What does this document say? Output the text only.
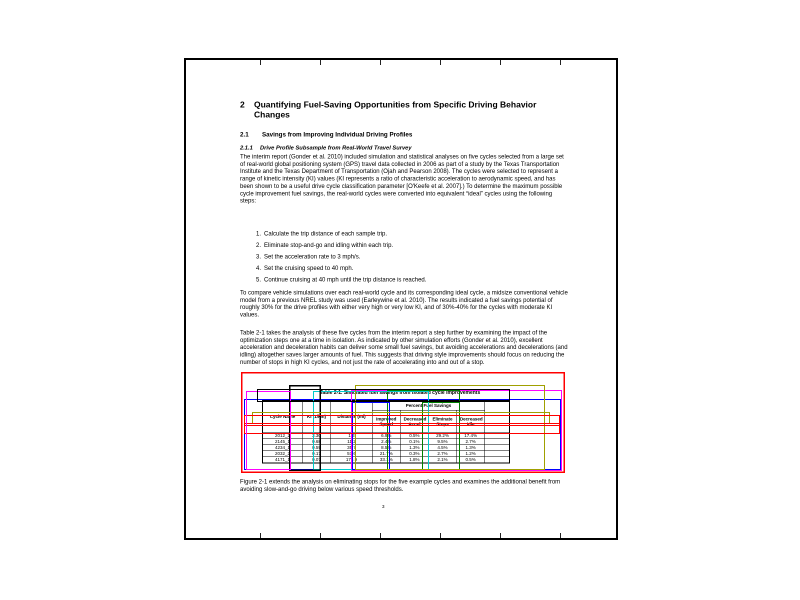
2 Quantifying Fuel-Saving Opportunities from Specific Driving Behavior Changes
2.1 Savings from Improving Individual Driving Profiles
2.1.1 Drive Profile Subsample from Real-World Travel Survey
The interim report (Gonder et al. 2010) included simulation and statistical analyses on five cycles selected from a large set of real-world global positioning system (GPS) travel data collected in 2006 as part of a study by the Texas Transportation Institute and the Texas Department of Transportation (Ojah and Pearson 2008). The cycles were selected to represent a range of kinetic intensity (KI) values (KI represents a ratio of characteristic acceleration to aerodynamic speed, and has been shown to be a useful drive cycle classification parameter [O'Keefe et al. 2007].) To determine the maximum possible cycle improvement fuel savings, the real-world cycles were converted into equivalent “ideal” cycles using the following steps:
1. Calculate the trip distance of each sample trip.
2. Eliminate stop-and-go and idling within each trip.
3. Set the acceleration rate to 3 mph/s.
4. Set the cruising speed to 40 mph.
5. Continue cruising at 40 mph until the trip distance is reached.
To compare vehicle simulations over each real-world cycle and its corresponding ideal cycle, a midsize conventional vehicle model from a previous NREL study was used (Earleywine et al. 2010). The results indicated a fuel savings potential of roughly 30% for the drive profiles with either very high or very low KI, and of 30%-40% for the cycles with moderate KI values.
Table 2-1 takes the analysis of these five cycles from the interim report a step further by examining the impact of the optimization steps one at a time in isolation. As indicated by other simulation efforts (Gonder et al. 2010), excellent acceleration and deceleration habits can deliver some small fuel savings, but avoiding accelerations and decelerations (and idling) altogether saves larger amounts of fuel. This suggests that driving style improvements should focus on reducing the number of stops in high KI cycles, and not just the rate of accelerating into and out of a stop.
Table 2-1. Simulated fuel savings from isolated cycle improvements
Cycle Name	KI (1/km)	Distance (mi)	Percent Fuel Savings				
			Improved Speed	Decreased Accel	Eliminate Stops	Decreased Idle	
2012_2	3.30	1.3	6.9%	0.5%	29.2%	17.4%	
2145_1	0.68	11.2	2.4%	0.1%	9.5%	2.7%	
4234_1	0.59	35.7	8.5%	1.3%	4.5%	1.3%	
2032_2	0.17	57.6	21.7%	0.3%	2.7%	1.2%	
4171_1	0.07	173.9	33.1%	1.8%	2.1%	0.5%	
Figure 2-1 extends the analysis on eliminating stops for the five example cycles and examines the additional benefit from avoiding slow-and-go driving below various speed thresholds.
3
